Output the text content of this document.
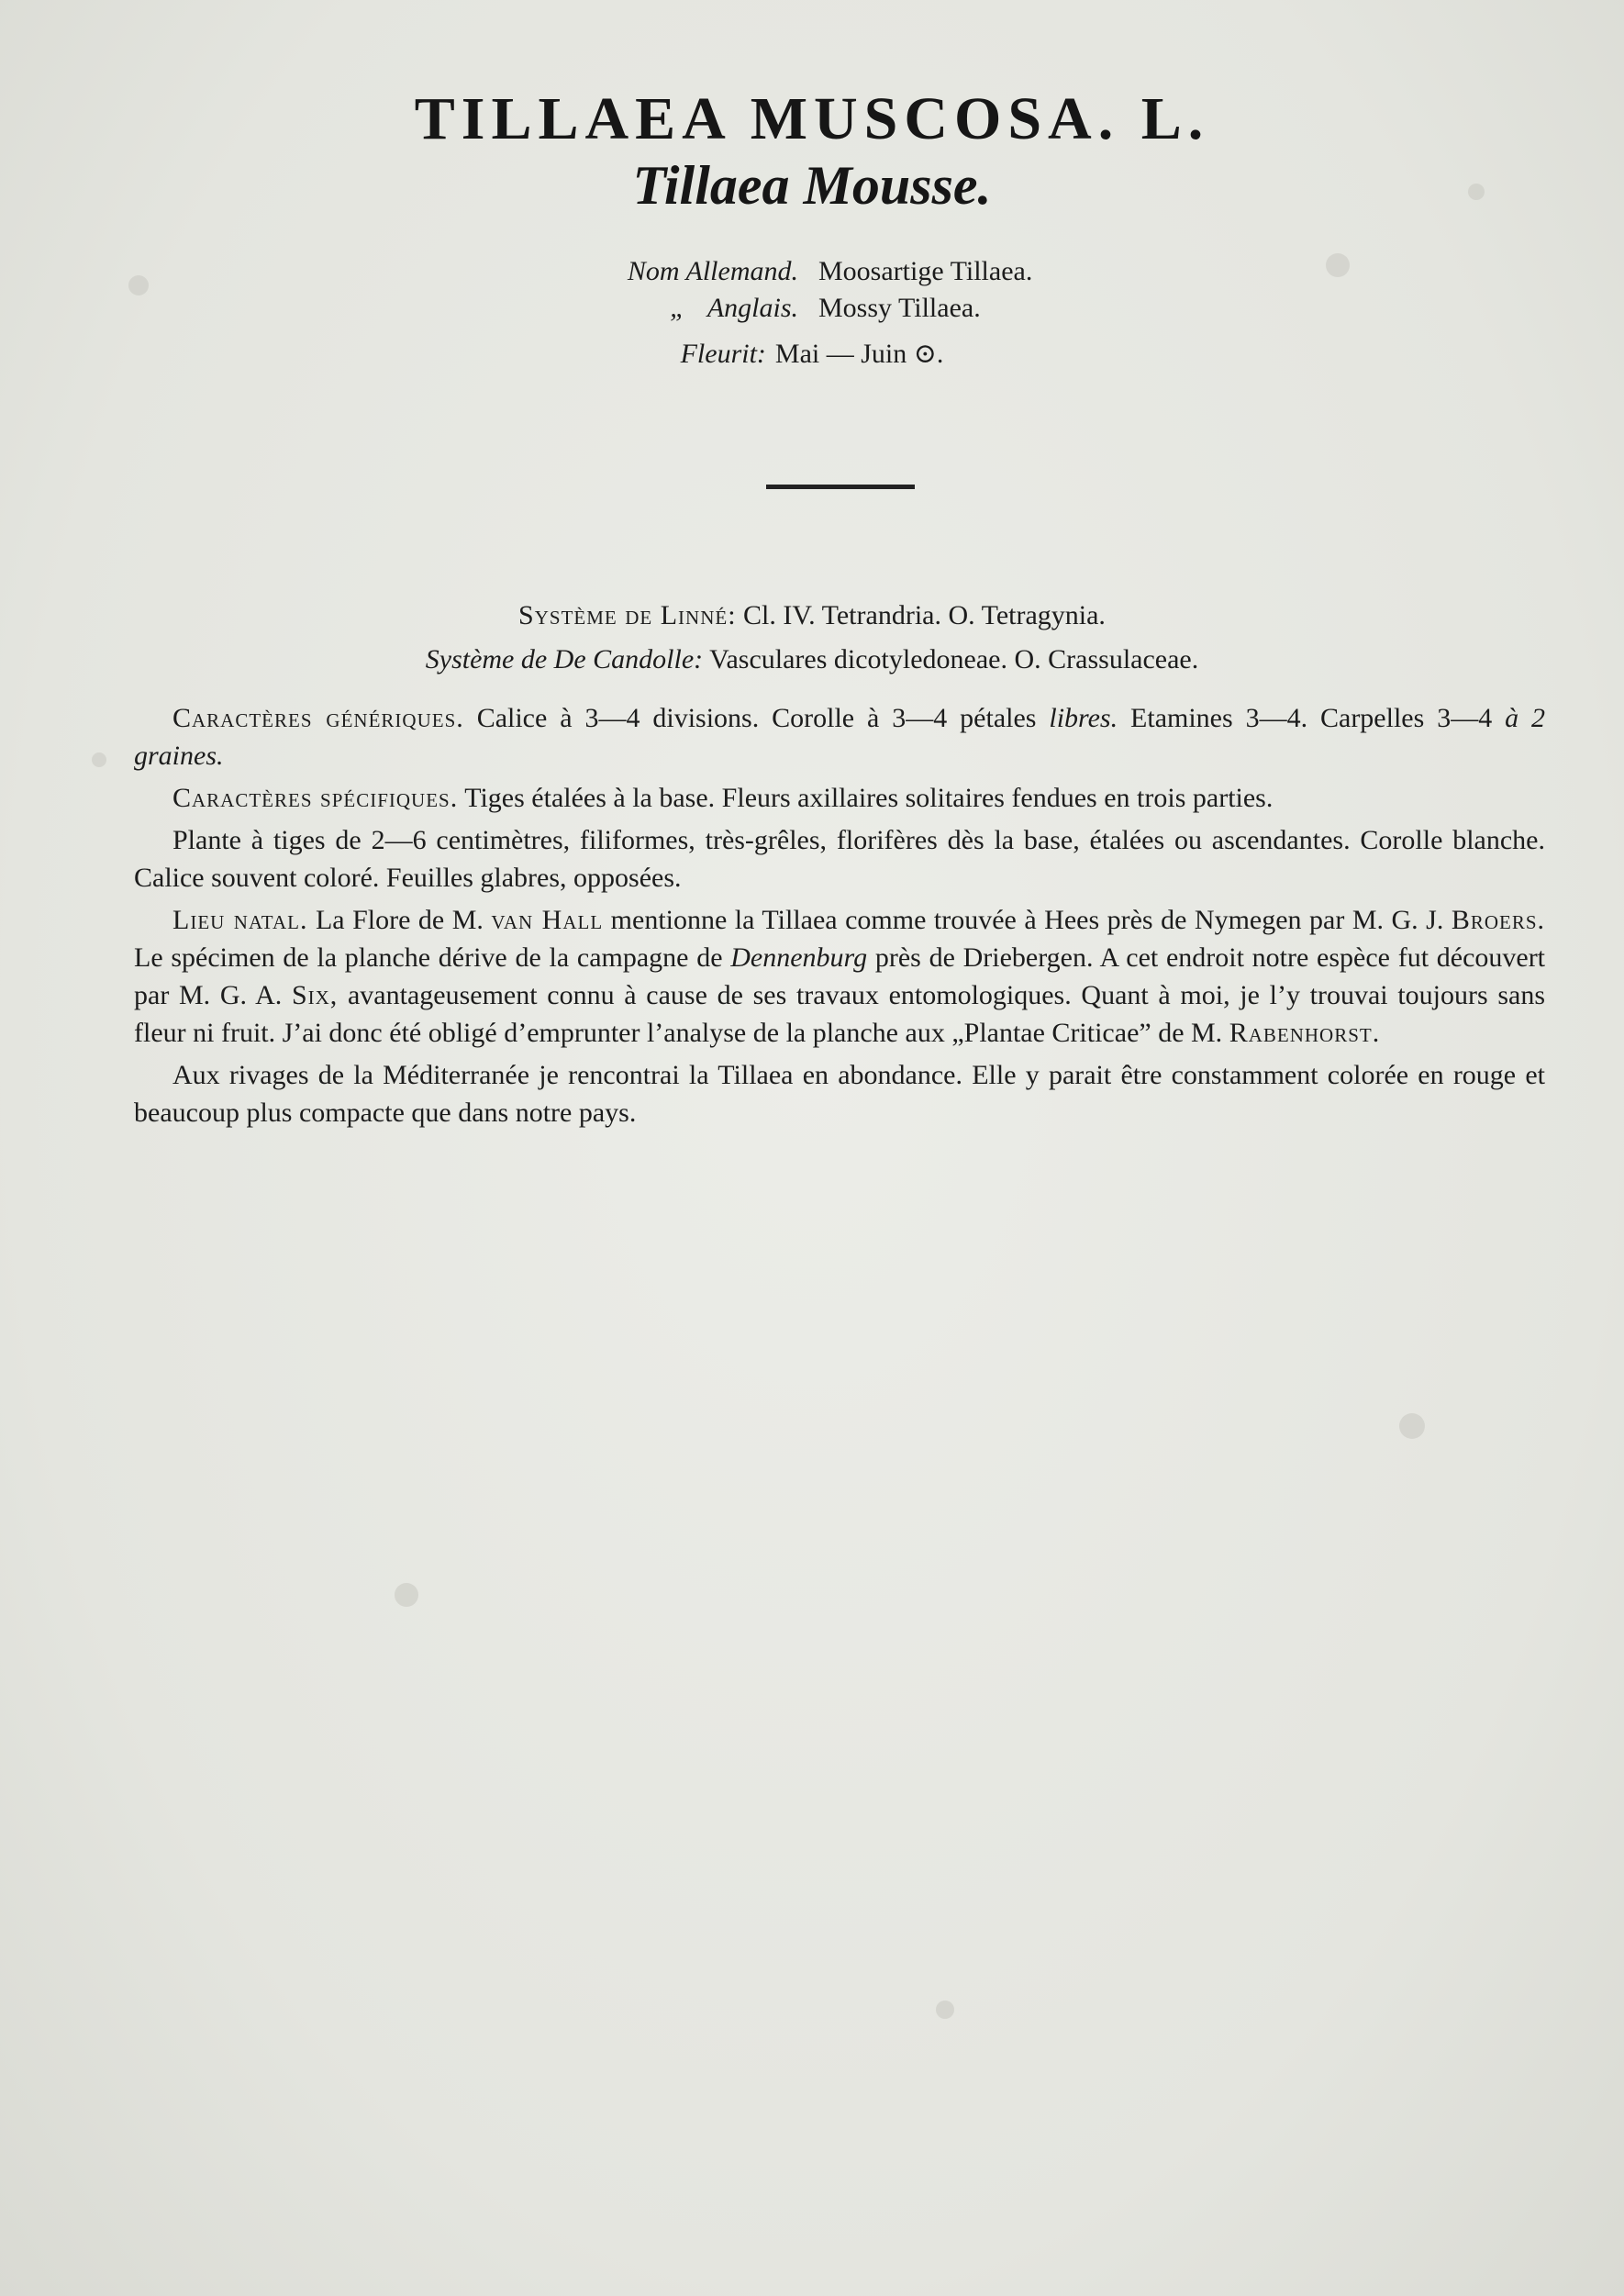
TILLAEA MUSCOSA. L.
Tillaea Mousse.
Nom Allemand. Moosartige Tillaea.
„ Anglais. Mossy Tillaea.
Fleurit: Mai — Juin ⊙.
Système de Linné: Cl. IV. Tetrandria. O. Tetragynia.
Système de De Candolle: Vasculares dicotyledoneae. O. Crassulaceae.

Caractères génériques. Calice à 3—4 divisions. Corolle à 3—4 pétales libres. Etamines 3—4. Carpelles 3—4 à 2 graines.

Caractères spécifiques. Tiges étalées à la base. Fleurs axillaires solitaires fendues en trois parties.

Plante à tiges de 2—6 centimètres, filiformes, très-grêles, florifères dès la base, étalées ou ascendantes. Corolle blanche. Calice souvent coloré. Feuilles glabres, opposées.

Lieu natal. La Flore de M. van Hall mentionne la Tillaea comme trouvée à Hees près de Nymegen par M. G. J. Broers. Le spécimen de la planche dérive de la campagne de Dennenburg près de Driebergen. A cet endroit notre espèce fut découvert par M. G. A. Six, avantageusement connu à cause de ses travaux entomologiques. Quant à moi, je l’y trouvai toujours sans fleur ni fruit. J’ai donc été obligé d’emprunter l’analyse de la planche aux „Plantae Criticae” de M. Rabenhorst.

Aux rivages de la Méditerranée je rencontrai la Tillaea en abondance. Elle y parait être constamment colorée en rouge et beaucoup plus compacte que dans notre pays.
